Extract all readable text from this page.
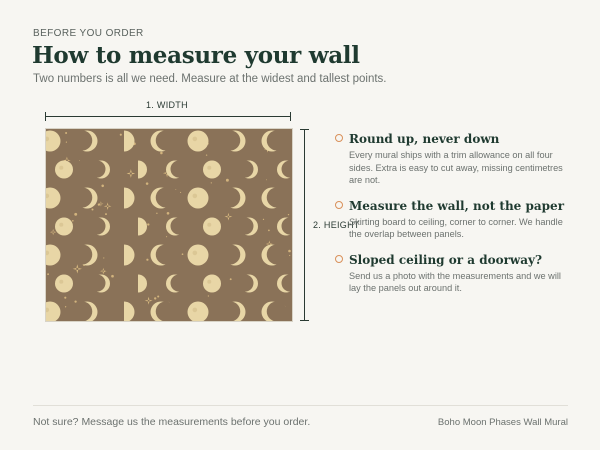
BEFORE YOU ORDER
How to measure your wall
Two numbers is all we need. Measure at the widest and tallest points.
1. WIDTH
2. HEIGHT
Round up, never down
Every mural ships with a trim allowance on all four sides. Extra is easy to cut away, missing centimetres are not.
Measure the wall, not the paper
Skirting board to ceiling, corner to corner. We handle the overlap between panels.
Sloped ceiling or a doorway?
Send us a photo with the measurements and we will lay the panels out around it.
Not sure? Message us the measurements before you order.	Boho Moon Phases Wall Mural
